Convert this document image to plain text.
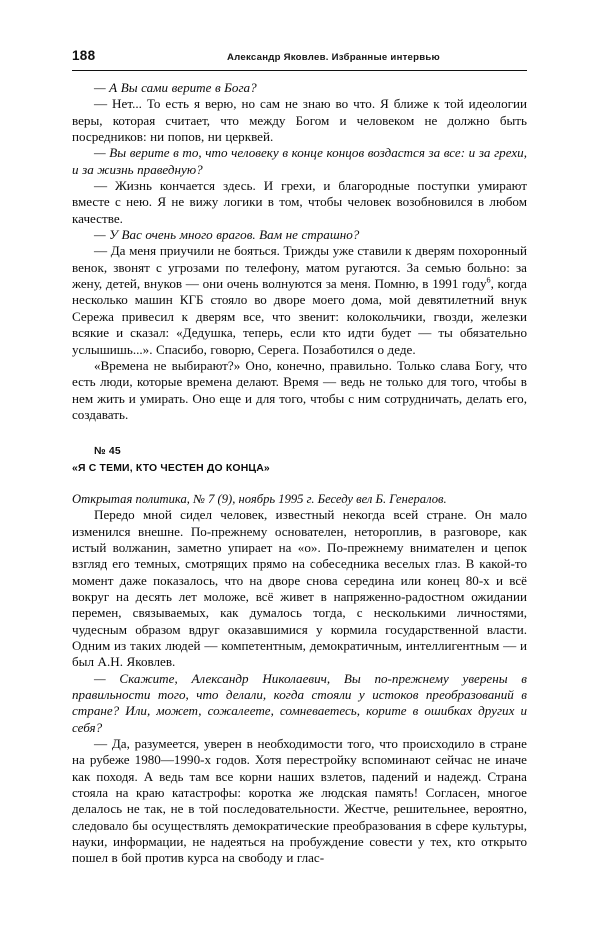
188	Александр Яковлев. Избранные интервью

— А Вы сами верите в Бога?

— Нет... То есть я верю, но сам не знаю во что. Я ближе к той идеологии веры, которая считает, что между Богом и человеком не должно быть посредников: ни попов, ни церквей.

— Вы верите в то, что человеку в конце концов воздастся за все: и за грехи, и за жизнь праведную?

— Жизнь кончается здесь. И грехи, и благородные поступки умирают вместе с нею. Я не вижу логики в том, чтобы человек возобновился в любом качестве.

— У Вас очень много врагов. Вам не страшно?

— Да меня приучили не бояться. Трижды уже ставили к дверям похоронный венок, звонят с угрозами по телефону, матом ругаются. За семью больно: за жену, детей, внуков — они очень волнуются за меня. Помню, в 1991 году$^6$, когда несколько машин КГБ стояло во дворе моего дома, мой девятилетний внук Сережа привесил к дверям все, что звенит: колокольчики, гвозди, железки всякие и сказал: «Дедушка, теперь, если кто идти будет — ты обязательно услышишь...». Спасибо, говорю, Серега. Позаботился о деде.

«Времена не выбирают?» Оно, конечно, правильно. Только слава Богу, что есть люди, которые времена делают. Время — ведь не только для того, чтобы в нем жить и умирать. Оно еще и для того, чтобы с ним сотрудничать, делать его, создавать.

№ 45

«Я С ТЕМИ, КТО ЧЕСТЕН ДО КОНЦА»

Открытая политика, № 7 (9), ноябрь 1995 г. Беседу вел Б. Генералов.

Передо мной сидел человек, известный некогда всей стране. Он мало изменился внешне. По-прежнему основателен, нетороплив, в разговоре, как истый волжанин, заметно упирает на «о». По-прежнему внимателен и цепок взгляд его темных, смотрящих прямо на собеседника веселых глаз. В какой-то момент даже показалось, что на дворе снова середина или конец 80-х и всё вокруг на десять лет моложе, всё живет в напряженно-радостном ожидании перемен, связываемых, как думалось тогда, с несколькими личностями, чудесным образом вдруг оказавшимися у кормила государственной власти. Одним из таких людей — компетентным, демократичным, интеллигентным — и был А.Н. Яковлев.

— Скажите, Александр Николаевич, Вы по-прежнему уверены в правильности того, что делали, когда стояли у истоков преобразований в стране? Или, может, сожалеете, сомневаетесь, корите в ошибках других и себя?

— Да, разумеется, уверен в необходимости того, что происходило в стране на рубеже 1980—1990-х годов. Хотя перестройку вспоминают сейчас не иначе как походя. А ведь там все корни наших взлетов, падений и надежд. Страна стояла на краю катастрофы: коротка же людская память! Согласен, многое делалось не так, не в той последовательности. Жестче, решительнее, вероятно, следовало бы осуществлять демократические преобразования в сфере культуры, науки, информации, не надеяться на пробуждение совести у тех, кто открыто пошел в бой против курса на свободу и глас-
